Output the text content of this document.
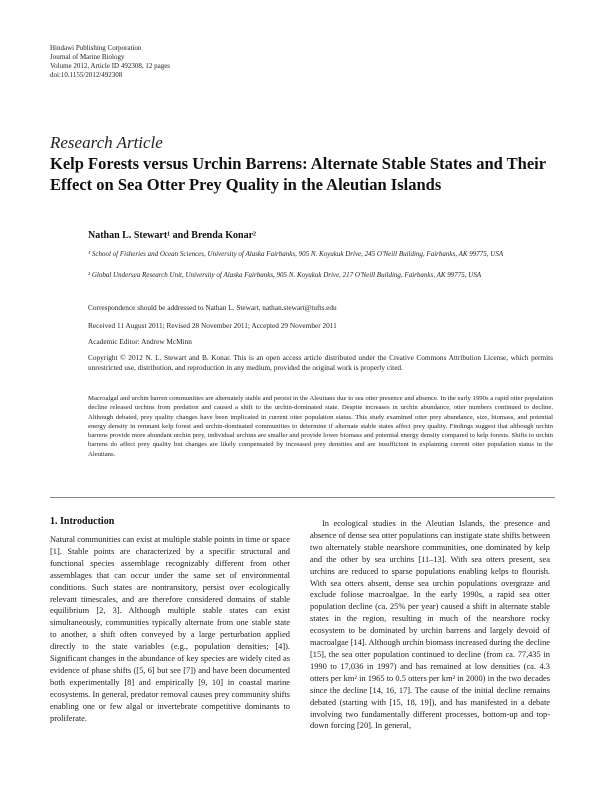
Hindawi Publishing Corporation
Journal of Marine Biology
Volume 2012, Article ID 492308, 12 pages
doi:10.1155/2012/492308
Research Article
Kelp Forests versus Urchin Barrens: Alternate Stable States and Their Effect on Sea Otter Prey Quality in the Aleutian Islands
Nathan L. Stewart¹ and Brenda Konar²
¹ School of Fisheries and Ocean Sciences, University of Alaska Fairbanks, 905 N. Koyukuk Drive, 245 O'Neill Building, Fairbanks, AK 99775, USA
² Global Undersea Research Unit, University of Alaska Fairbanks, 905 N. Koyukuk Drive, 217 O'Neill Building, Fairbanks, AK 99775, USA
Correspondence should be addressed to Nathan L. Stewart, nathan.stewart@tufts.edu
Received 11 August 2011; Revised 28 November 2011; Accepted 29 November 2011
Academic Editor: Andrew McMinn
Copyright © 2012 N. L. Stewart and B. Konar. This is an open access article distributed under the Creative Commons Attribution License, which permits unrestricted use, distribution, and reproduction in any medium, provided the original work is properly cited.
Macroalgal and urchin barren communities are alternately stable and persist in the Aleutians due to sea otter presence and absence. In the early 1990s a rapid otter population decline released urchins from predation and caused a shift to the urchin-dominated state. Despite increases in urchin abundance, otter numbers continued to decline. Although debated, prey quality changes have been implicated in current otter population status. This study examined otter prey abundance, size, biomass, and potential energy density in remnant kelp forest and urchin-dominated communities to determine if alternate stable states affect prey quality. Findings suggest that although urchin barrens provide more abundant urchin prey, individual urchins are smaller and provide lower biomass and potential energy density compared to kelp forests. Shifts to urchin barrens do affect prey quality but changes are likely compensated by increased prey densities and are insufficient in explaining current otter population status in the Aleutians.
1. Introduction

Natural communities can exist at multiple stable points in time or space [1]. Stable points are characterized by a specific structural and functional species assemblage recognizably different from other assemblages that can occur under the same set of environmental conditions. Such states are nontransitory, persist over ecologically relevant timescales, and are therefore considered domains of stable equilibrium [2, 3]. Although multiple stable states can exist simultaneously, communities typically alternate from one stable state to another, a shift often conveyed by a large perturbation applied directly to the state variables (e.g., population densities; [4]). Significant changes in the abundance of key species are widely cited as evidence of phase shifts ([5, 6] but see [7]) and have been documented both experimentally [8] and empirically [9, 10] in coastal marine ecosystems. In general, predator removal causes prey community shifts enabling one or few algal or invertebrate competitive dominants to proliferate.

In ecological studies in the Aleutian Islands, the presence and absence of dense sea otter populations can instigate state shifts between two alternately stable nearshore communities, one dominated by kelp and the other by sea urchins [11–13]. With sea otters present, sea urchins are reduced to sparse populations enabling kelps to flourish. With sea otters absent, dense sea urchin populations overgraze and exclude foliose macroalgae. In the early 1990s, a rapid sea otter population decline (ca. 25% per year) caused a shift in alternate stable states in the region, resulting in much of the nearshore rocky ecosystem to be dominated by urchin barrens and largely devoid of macroalgae [14]. Although urchin biomass increased during the decline [15], the sea otter population continued to decline (from ca. 77,435 in 1990 to 17,036 in 1997) and has remained at low densities (ca. 4.3 otters per km² in 1965 to 0.5 otters per km² in 2000) in the two decades since the decline [14, 16, 17]. The cause of the initial decline remains debated (starting with [15, 18, 19]), and has manifested in a debate involving two fundamentally different processes, bottom-up and top-down forcing [20]. In general,
